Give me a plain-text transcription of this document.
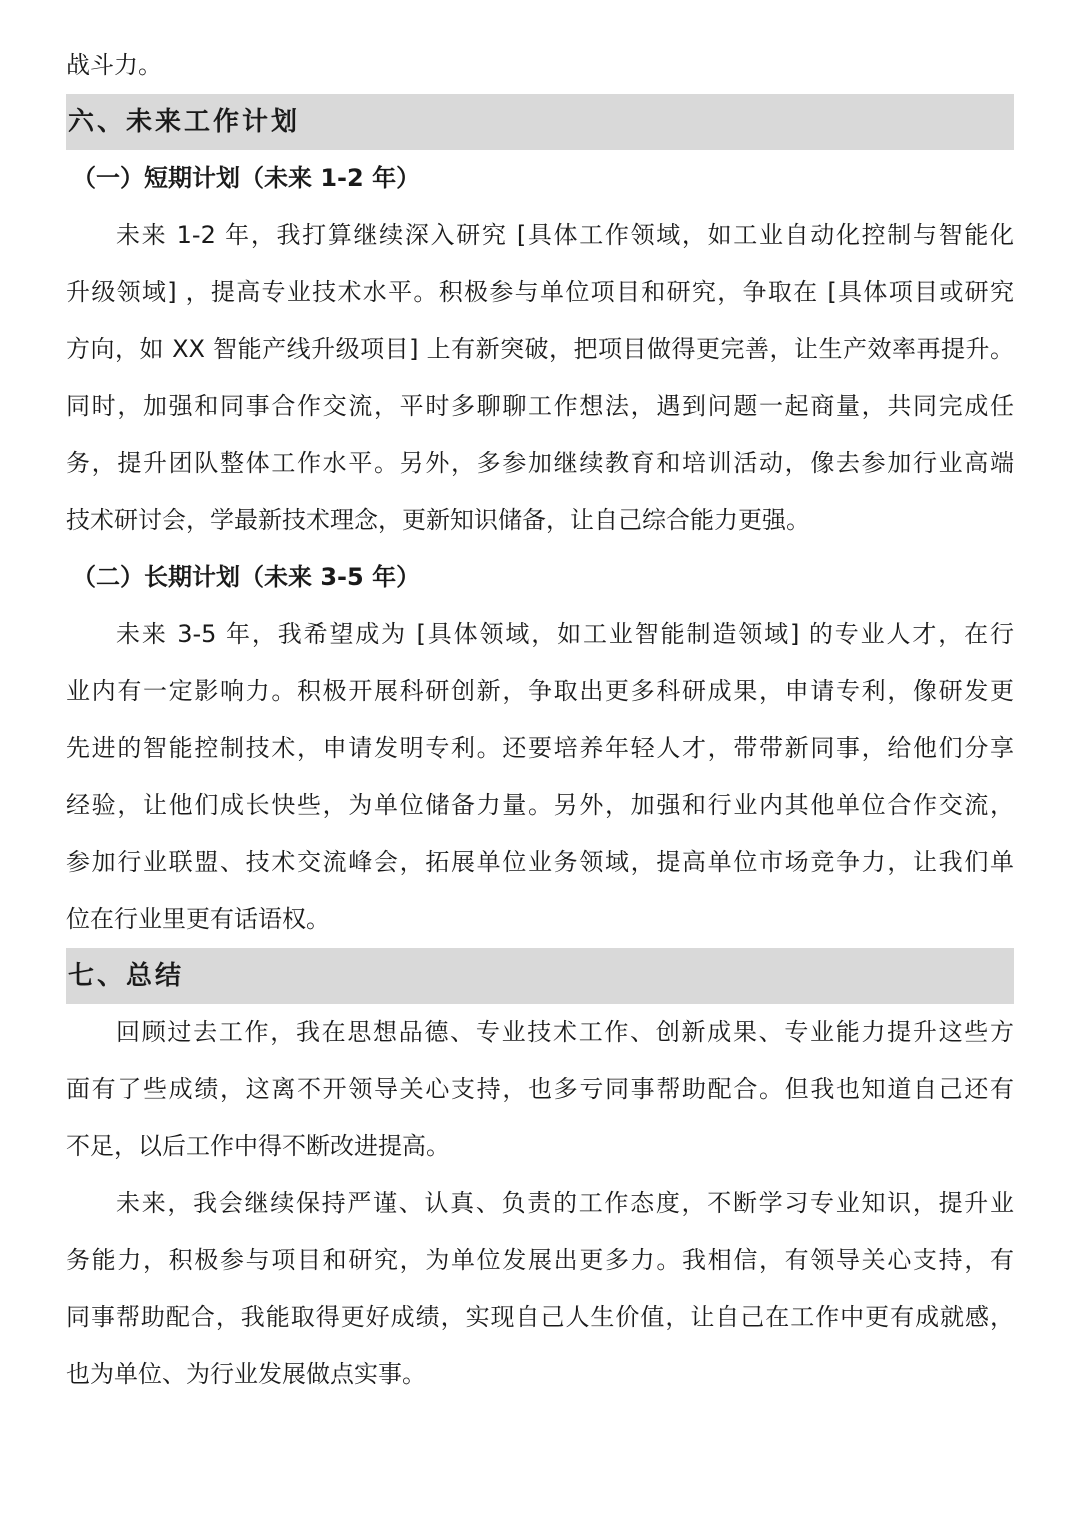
战斗力。
六、未来工作计划
（一）短期计划（未来 1-2 年）
未来 1-2 年，我打算继续深入研究 [具体工作领域，如工业自动化控制与智能化
升级领域] ，提高专业技术水平。积极参与单位项目和研究，争取在 [具体项目或研究
方向，如 XX 智能产线升级项目] 上有新突破，把项目做得更完善，让生产效率再提升。
同时，加强和同事合作交流，平时多聊聊工作想法，遇到问题一起商量，共同完成任
务，提升团队整体工作水平。另外，多参加继续教育和培训活动，像去参加行业高端
技术研讨会，学最新技术理念，更新知识储备，让自己综合能力更强。
（二）长期计划（未来 3-5 年）
未来 3-5 年，我希望成为 [具体领域，如工业智能制造领域] 的专业人才，在行
业内有一定影响力。积极开展科研创新，争取出更多科研成果，申请专利，像研发更
先进的智能控制技术，申请发明专利。还要培养年轻人才，带带新同事，给他们分享
经验，让他们成长快些，为单位储备力量。另外，加强和行业内其他单位合作交流，
参加行业联盟、技术交流峰会，拓展单位业务领域，提高单位市场竞争力，让我们单
位在行业里更有话语权。
七、总结
回顾过去工作，我在思想品德、专业技术工作、创新成果、专业能力提升这些方
面有了些成绩，这离不开领导关心支持，也多亏同事帮助配合。但我也知道自己还有
不足，以后工作中得不断改进提高。
未来，我会继续保持严谨、认真、负责的工作态度，不断学习专业知识，提升业
务能力，积极参与项目和研究，为单位发展出更多力。我相信，有领导关心支持，有
同事帮助配合，我能取得更好成绩，实现自己人生价值，让自己在工作中更有成就感，
也为单位、为行业发展做点实事。
